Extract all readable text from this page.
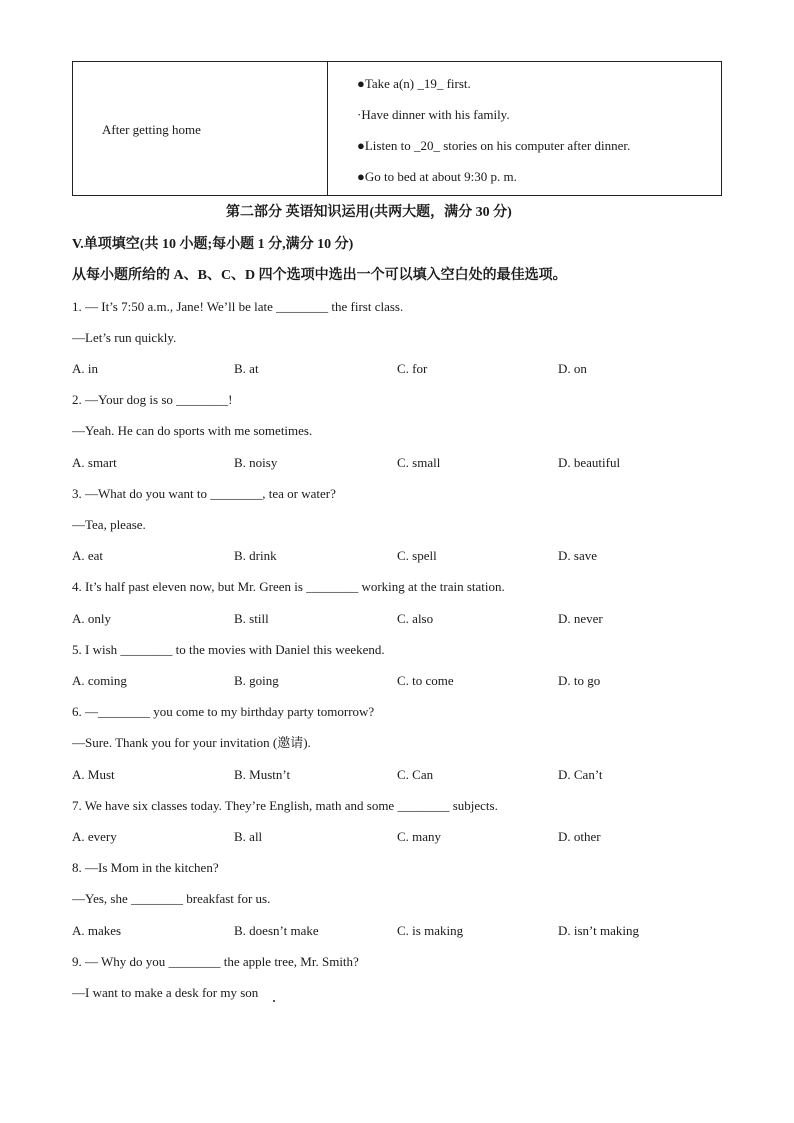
After getting home
●Take a(n) _19_ first.
·Have dinner with his family.
●Listen to _20_ stories on his computer after dinner.
●Go to bed at about 9:30 p. m.
第二部分 英语知识运用(共两大题，满分 30 分)
V.单项填空(共 10 小题;每小题 1 分,满分 10 分)
从每小题所给的 A、B、C、D 四个选项中选出一个可以填入空白处的最佳选项。
1. — It’s 7:50 a.m., Jane! We’ll be late ________ the first class.
—Let’s run quickly.
A. in	B. at	C. for	D. on
2. —Your dog is so ________!
—Yeah. He can do sports with me sometimes.
A. smart	B. noisy	C. small	D. beautiful
3. —What do you want to ________, tea or water?
—Tea, please.
A. eat	B. drink	C. spell	D. save
4. It’s half past eleven now, but Mr. Green is ________ working at the train station.
A. only	B. still	C. also	D. never
5. I wish ________ to the movies with Daniel this weekend.
A. coming	B. going	C. to come	D. to go
6. —________ you come to my birthday party tomorrow?
—Sure. Thank you for your invitation (邀请).
A. Must	B. Mustn’t	C. Can	D. Can’t
7. We have six classes today. They’re English, math and some ________ subjects.
A. every	B. all	C. many	D. other
8. —Is Mom in the kitchen?
—Yes, she ________ breakfast for us.
A. makes	B. doesn’t make	C. is making	D. isn’t making
9. — Why do you ________ the apple tree, Mr. Smith?
—I want to make a desk for my son
